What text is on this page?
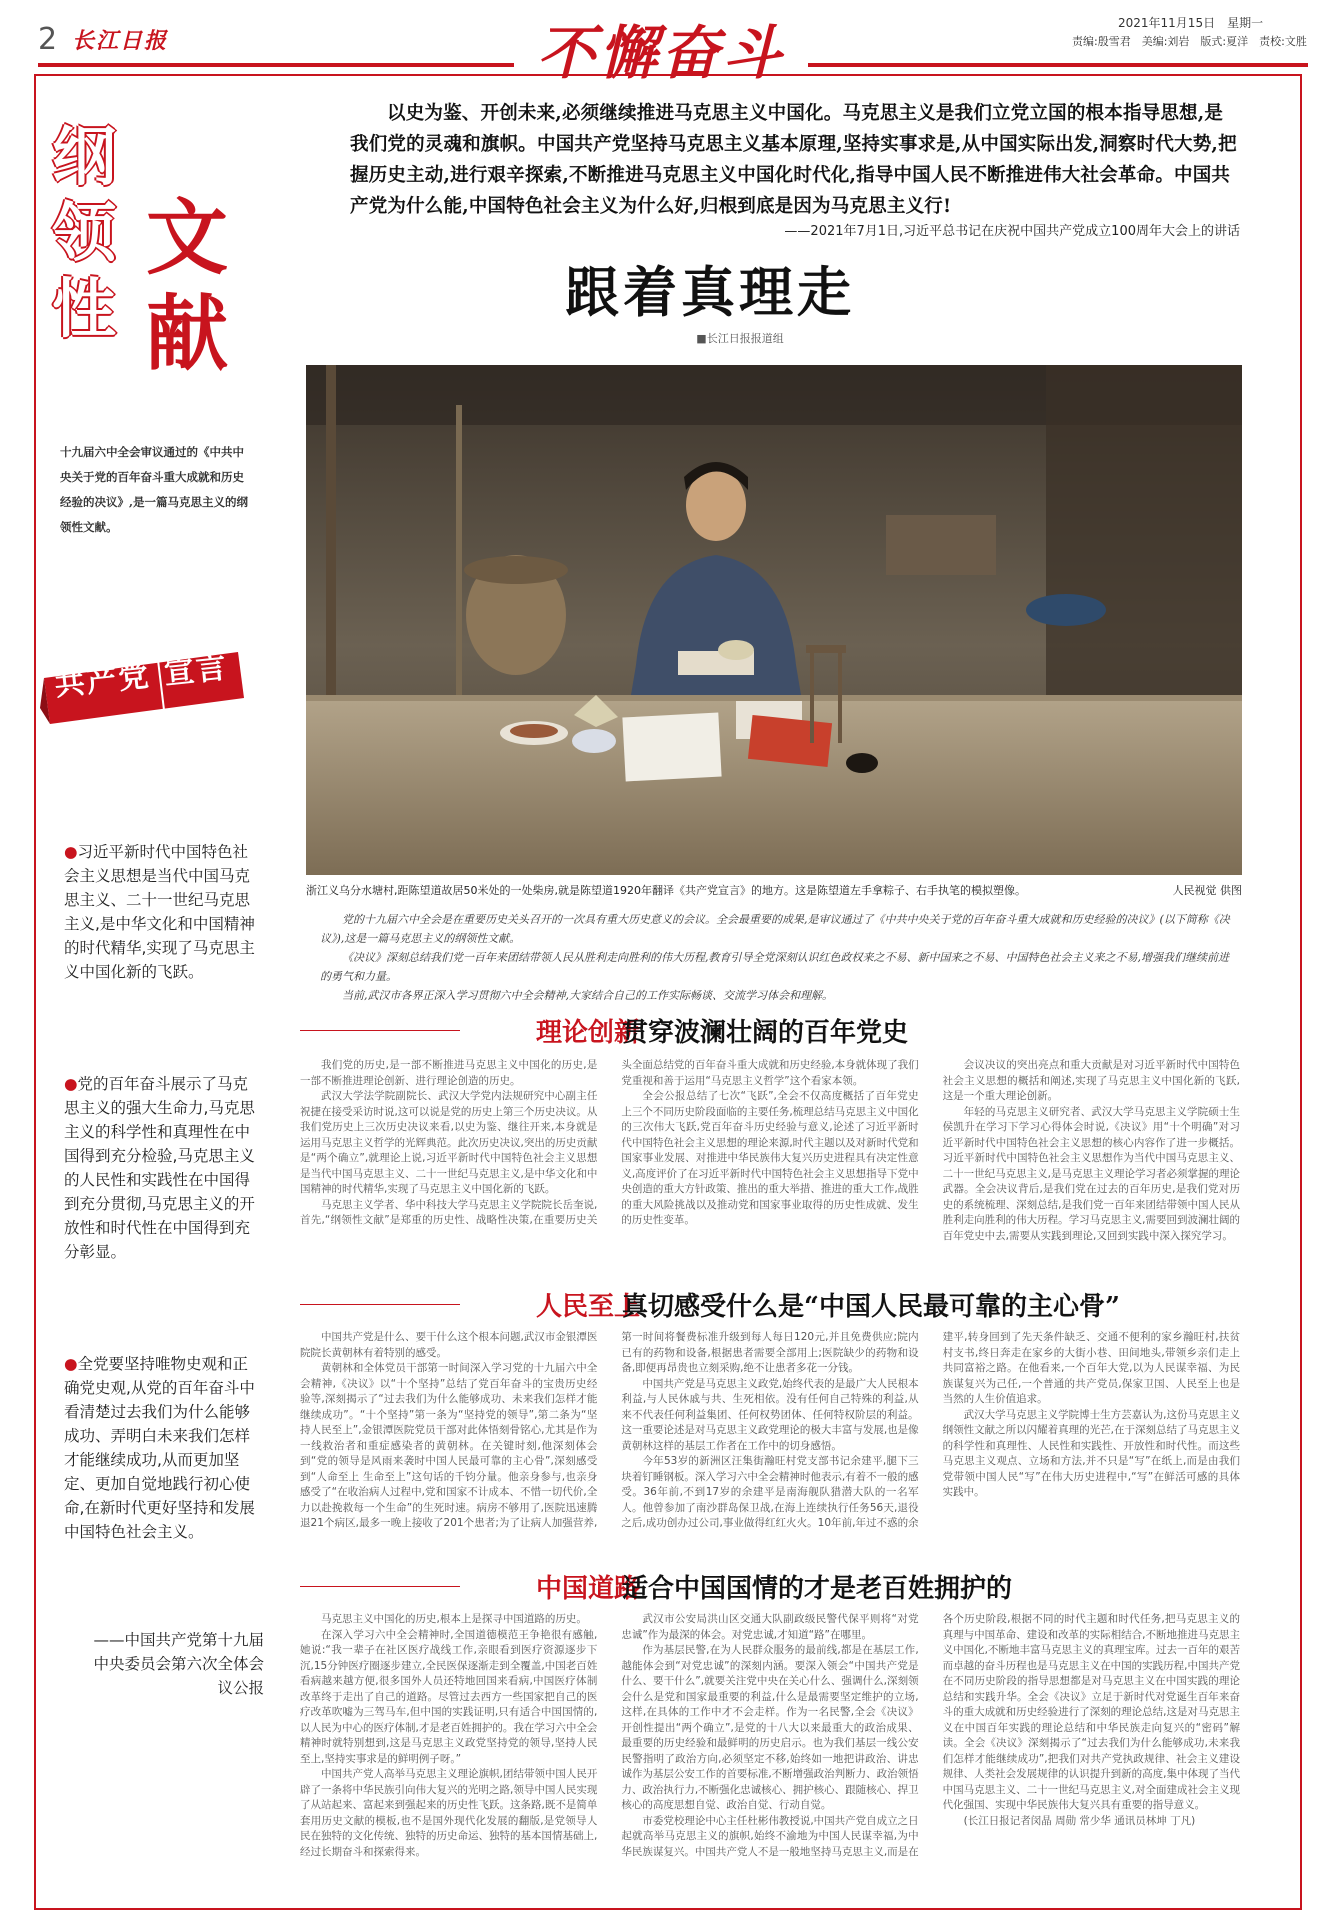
2 长江日报	不懈奋斗	2021年11月15日　星期一
责编:殷雪君　美编:刘岩　版式:夏洋　责校:文胜
纲领性
文献
十九届六中全会审议通过的《中共中央关于党的百年奋斗重大成就和历史经验的决议》,是一篇马克思主义的纲领性文献。
共产党 宣言
●习近平新时代中国特色社会主义思想是当代中国马克思主义、二十一世纪马克思主义,是中华文化和中国精神的时代精华,实现了马克思主义中国化新的飞跃。
●党的百年奋斗展示了马克思主义的强大生命力,马克思主义的科学性和真理性在中国得到充分检验,马克思主义的人民性和实践性在中国得到充分贯彻,马克思主义的开放性和时代性在中国得到充分彰显。
●全党要坚持唯物史观和正确党史观,从党的百年奋斗中看清楚过去我们为什么能够成功、弄明白未来我们怎样才能继续成功,从而更加坚定、更加自觉地践行初心使命,在新时代更好坚持和发展中国特色社会主义。
——中国共产党第十九届中央委员会第六次全体会议公报
以史为鉴、开创未来,必须继续推进马克思主义中国化。马克思主义是我们立党立国的根本指导思想,是我们党的灵魂和旗帜。中国共产党坚持马克思主义基本原理,坚持实事求是,从中国实际出发,洞察时代大势,把握历史主动,进行艰辛探索,不断推进马克思主义中国化时代化,指导中国人民不断推进伟大社会革命。中国共产党为什么能,中国特色社会主义为什么好,归根到底是因为马克思主义行!
——2021年7月1日,习近平总书记在庆祝中国共产党成立100周年大会上的讲话
跟着真理走
■长江日报报道组
浙江义乌分水塘村,距陈望道故居50米处的一处柴房,就是陈望道1920年翻译《共产党宣言》的地方。这是陈望道左手拿粽子、右手执笔的模拟塑像。	人民视觉 供图

党的十九届六中全会是在重要历史关头召开的一次具有重大历史意义的会议。全会最重要的成果,是审议通过了《中共中央关于党的百年奋斗重大成就和历史经验的决议》(以下简称《决议》),这是一篇马克思主义的纲领性文献。

《决议》深刻总结我们党一百年来团结带领人民从胜利走向胜利的伟大历程,教育引导全党深刻认识红色政权来之不易、新中国来之不易、中国特色社会主义来之不易,增强我们继续前进的勇气和力量。

当前,武汉市各界正深入学习贯彻六中全会精神,大家结合自己的工作实际畅谈、交流学习体会和理解。

理论创新
贯穿波澜壮阔的百年党史

我们党的历史,是一部不断推进马克思主义中国化的历史,是一部不断推进理论创新、进行理论创造的历史。

武汉大学法学院副院长、武汉大学党内法规研究中心副主任祝捷在接受采访时说,这可以说是党的历史上第三个历史决议。从我们党历史上三次历史决议来看,以史为鉴、继往开来,本身就是运用马克思主义哲学的光辉典范。此次历史决议,突出的历史贡献是“两个确立”,就理论上说,习近平新时代中国特色社会主义思想是当代中国马克思主义、二十一世纪马克思主义,是中华文化和中国精神的时代精华,实现了马克思主义中国化新的飞跃。

马克思主义学者、华中科技大学马克思主义学院院长岳奎说,首先,“纲领性文献”是郑重的历史性、战略性决策,在重要历史关头全面总结党的百年奋斗重大成就和历史经验,本身就体现了我们党重视和善于运用“马克思主义哲学”这个看家本领。

全会公报总结了七次“飞跃”,全会不仅高度概括了百年党史上三个不同历史阶段面临的主要任务,梳理总结马克思主义中国化的三次伟大飞跃,党百年奋斗历史经验与意义,论述了习近平新时代中国特色社会主义思想的理论来源,时代主题以及对新时代党和国家事业发展、对推进中华民族伟大复兴历史进程具有决定性意义,高度评价了在习近平新时代中国特色社会主义思想指导下党中央创造的重大方针政策、推出的重大举措、推进的重大工作,战胜的重大风险挑战以及推动党和国家事业取得的历史性成就、发生的历史性变革。

会议决议的突出亮点和重大贡献是对习近平新时代中国特色社会主义思想的概括和阐述,实现了马克思主义中国化新的飞跃,这是一个重大理论创新。

年轻的马克思主义研究者、武汉大学马克思主义学院硕士生侯凯升在学习下学习心得体会时说,《决议》用“十个明确”对习近平新时代中国特色社会主义思想的核心内容作了进一步概括。习近平新时代中国特色社会主义思想作为当代中国马克思主义、二十一世纪马克思主义,是马克思主义理论学习者必须掌握的理论武器。全会决议背后,是我们党在过去的百年历史,是我们党对历史的系统梳理、深刻总结,是我们党一百年来团结带领中国人民从胜利走向胜利的伟大历程。学习马克思主义,需要回到波澜壮阔的百年党史中去,需要从实践到理论,又回到实践中深入探究学习。

人民至上
真切感受什么是“中国人民最可靠的主心骨”

中国共产党是什么、要干什么这个根本问题,武汉市金银潭医院院长黄朝林有着特别的感受。

黄朝林和全体党员干部第一时间深入学习党的十九届六中全会精神,《决议》以“十个坚持”总结了党百年奋斗的宝贵历史经验等,深刻揭示了“过去我们为什么能够成功、未来我们怎样才能继续成功”。“十个坚持”第一条为“坚持党的领导”,第二条为“坚持人民至上”,金银潭医院党员干部对此体悟刻骨铭心,尤其是作为一线救治者和重症感染者的黄朝林。在关键时刻,他深刻体会到“党的领导是风雨来袭时中国人民最可靠的主心骨”,深刻感受到“人命至上 生命至上”这句话的千钧分量。他亲身参与,也亲身感受了“在收治病人过程中,党和国家不计成本、不惜一切代价,全力以赴挽救每一个生命”的生死时速。病房不够用了,医院迅速腾退21个病区,最多一晚上接收了201个患者;为了让病人加强营养,第一时间将餐费标准升级到每人每日120元,并且免费供应;院内已有的药物和设备,根据患者需要全部用上;医院缺少的药物和设备,即便再昂贵也立刻采购,绝不让患者多花一分钱。

中国共产党是马克思主义政党,始终代表的是最广大人民根本利益,与人民休戚与共、生死相依。没有任何自己特殊的利益,从来不代表任何利益集团、任何权势团体、任何特权阶层的利益。这一重要论述是对马克思主义政党理论的极大丰富与发展,也是像黄朝林这样的基层工作者在工作中的切身感悟。

今年53岁的新洲区汪集街瀚旺村党支部书记余建平,腿下三块着钉睡钢板。深入学习六中全会精神时他表示,有着不一般的感受。36年前,不到17岁的余建平是南海舰队猎潜大队的一名军人。他曾参加了南沙群岛保卫战,在海上连续执行任务56天,退役之后,成功创办过公司,事业做得红红火火。10年前,年过不惑的余建平,转身回到了先天条件缺乏、交通不便利的家乡瀚旺村,扶贫村支书,终日奔走在家乡的大街小巷、田间地头,带领乡亲们走上共同富裕之路。在他看来,一个百年大党,以为人民谋幸福、为民族谋复兴为己任,一个普通的共产党员,保家卫国、人民至上也是当然的人生价值追求。

武汉大学马克思主义学院博士生方芸嘉认为,这份马克思主义纲领性文献之所以闪耀着真理的光芒,在于深刻总结了马克思主义的科学性和真理性、人民性和实践性、开放性和时代性。而这些马克思主义观点、立场和方法,并不只是“写”在纸上,而是由我们党带领中国人民“写”在伟大历史进程中,“写”在鲜活可感的具体实践中。

中国道路
适合中国国情的才是老百姓拥护的

马克思主义中国化的历史,根本上是探寻中国道路的历史。

在深入学习六中全会精神时,全国道德模范王争艳很有感触,她说:“我一辈子在社区医疗战线工作,亲眼看到医疗资源逐步下沉,15分钟医疗圈逐步建立,全民医保逐渐走到全覆盖,中国老百姓看病越来越方便,很多国外人员还特地回国来看病,中国医疗体制改革终于走出了自己的道路。尽管过去西方一些国家把自己的医疗改革吹嘘为三驾马车,但中国的实践证明,只有适合中国国情的,以人民为中心的医疗体制,才是老百姓拥护的。我在学习六中全会精神时就特别想到,这是马克思主义政党坚持党的领导,坚持人民至上,坚持实事求是的鲜明例子呀。”

中国共产党人高举马克思主义理论旗帜,团结带领中国人民开辟了一条将中华民族引向伟大复兴的光明之路,领导中国人民实现了从站起来、富起来到强起来的历史性飞跃。这条路,既不是简单套用历史文献的模板,也不是国外现代化发展的翻版,是党领导人民在独特的文化传统、独特的历史命运、独特的基本国情基础上,经过长期奋斗和探索得来。

武汉市公安局洪山区交通大队副政级民警代保平则将“对党忠诚”作为最深的体会。对党忠诚,才知道“路”在哪里。

作为基层民警,在为人民群众服务的最前线,都是在基层工作,越能体会到“对党忠诚”的深刻内涵。要深入领会“中国共产党是什么、要干什么”,就要关注党中央在关心什么、强调什么,深刻领会什么是党和国家最重要的利益,什么是最需要坚定维护的立场,这样,在具体的工作中才不会走样。作为一名民警,全会《决议》开创性提出“两个确立”,是党的十八大以来最重大的政治成果、最重要的历史经验和最鲜明的历史启示。也为我们基层一线公安民警指明了政治方向,必须坚定不移,始终如一地把讲政治、讲忠诚作为基层公安工作的首要标准,不断增强政治判断力、政治领悟力、政治执行力,不断强化忠诚核心、拥护核心、跟随核心、捍卫核心的高度思想自觉、政治自觉、行动自觉。

市委党校理论中心主任杜彬伟教授说,中国共产党自成立之日起就高举马克思主义的旗帜,始终不渝地为中国人民谋幸福,为中华民族谋复兴。中国共产党人不是一般地坚持马克思主义,而是在各个历史阶段,根据不同的时代主题和时代任务,把马克思主义的真理与中国革命、建设和改革的实际相结合,不断地推进马克思主义中国化,不断地丰富马克思主义的真理宝库。过去一百年的艰苦而卓越的奋斗历程也是马克思主义在中国的实践历程,中国共产党在不同历史阶段的指导思想都是对马克思主义在中国实践的理论总结和实践升华。全会《决议》立足于新时代对党诞生百年来奋斗的重大成就和历史经验进行了深刻的理论总结,这是对马克思主义在中国百年实践的理论总结和中华民族走向复兴的“密码”解读。全会《决议》深刻揭示了“过去我们为什么能够成功,未来我们怎样才能继续成功”,把我们对共产党执政规律、社会主义建设规律、人类社会发展规律的认识提升到新的高度,集中体现了当代中国马克思主义、二十一世纪马克思主义,对全面建成社会主义现代化强国、实现中华民族伟大复兴具有重要的指导意义。

(长江日报记者闵晶 周勋 常少华 通讯员林坤 丁凡)
